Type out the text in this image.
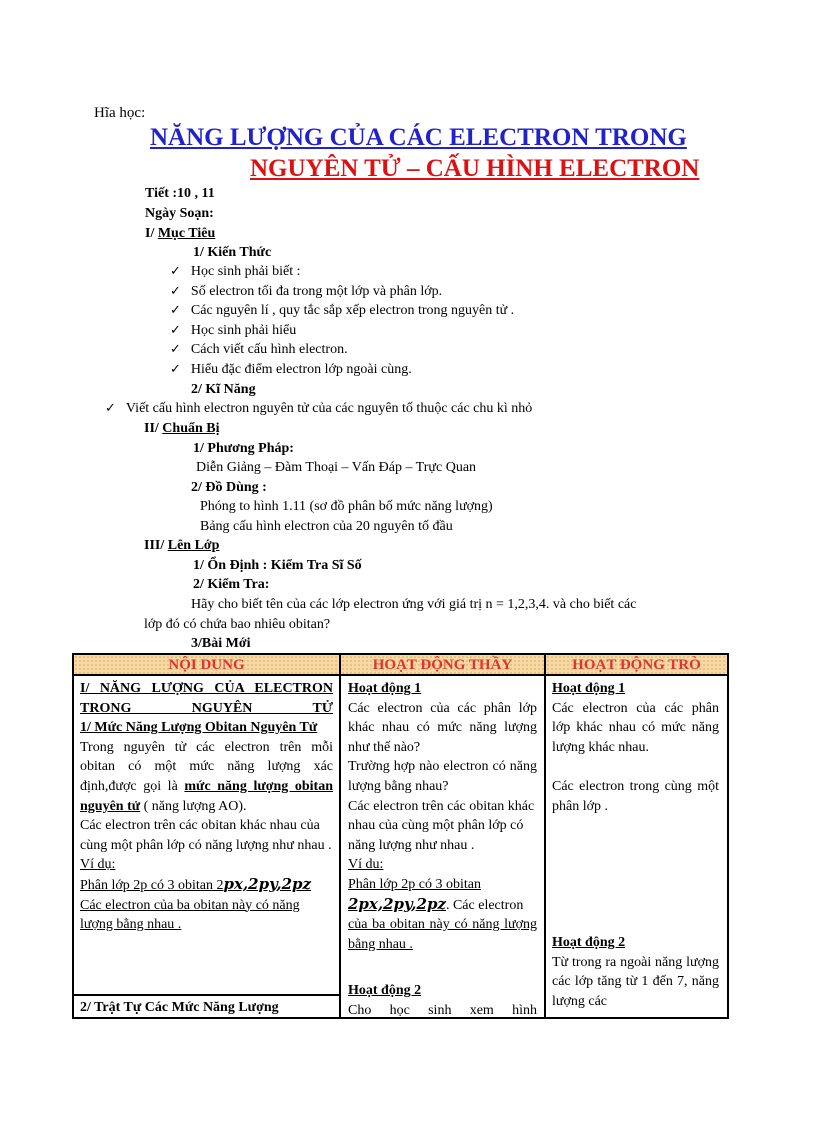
Hĩa học:
NĂNG LƯỢNG CỦA CÁC ELECTRON TRONG
NGUYÊN TỬ – CẤU HÌNH ELECTRON
Tiết :10 , 11
Ngày Soạn:
I/ Mục Tiêu
1/ Kiến Thức
✓ Học sinh phải biết :
✓ Số electron tối đa trong một lớp và phân lớp.
✓ Các nguyên lí , quy tắc sắp xếp electron trong nguyên tử .
✓ Học sinh phải hiểu
✓ Cách viết cấu hình electron.
✓ Hiểu đặc điểm electron lớp ngoài cùng.
2/ Kĩ Năng
✓ Viết cấu hình electron nguyên tử của các nguyên tố thuộc các chu kì nhỏ
II/ Chuẩn Bị
1/ Phương Pháp:
Diễn Giảng – Đàm Thoại – Vấn Đáp – Trực Quan
2/ Đồ Dùng :
Phóng to hình 1.11 (sơ đồ phân bố mức năng lượng)
Bảng cấu hình electron của 20 nguyên tố đầu
III/ Lên Lớp
1/ Ổn Định : Kiểm Tra Sĩ Số
2/ Kiểm Tra:
Hãy cho biết tên của các lớp electron ứng với giá trị n = 1,2,3,4. và cho biết các
lớp đó có chứa bao nhiêu obitan?
3/Bài Mới
NỘI DUNG

I/ NĂNG LƯỢNG CỦA ELECTRON TRONG NGUYÊN TỬ

1/ Mức Năng Lượng Obitan Nguyên Tử

Trong nguyên tử các electron trên mỗi obitan có một mức năng lượng xác định,được gọi là mức năng lượng obitan nguyên tử ( năng lượng AO).

Các electron trên các obitan khác nhau của cùng một phân lớp có năng lượng như nhau .

Ví dụ:

Phân lớp 2p có 3 obitan 2px,2py,2pz

Các electron của ba obitan này có năng lượng bằng nhau .

2/ Trật Tự Các Mức Năng Lượng
HOẠT ĐỘNG THẦY

Hoạt động 1

Các electron của các phân lớp khác nhau có mức năng lượng như thế nào?

Trường hợp nào electron có năng lượng bằng nhau?

Các electron trên các obitan khác nhau của cùng một phân lớp có năng lượng như nhau .

Ví du:

Phân lớp 2p có 3 obitan

2px,2py,2pz. Các electron

của ba obitan này có năng lượng bằng nhau .

Hoạt động 2

Cho học sinh xem hình

HOẠT ĐỘNG TRÒ

Hoạt động 1

Các electron của các phân lớp khác nhau có mức năng lượng khác nhau.

Các electron trong cùng một phân lớp .

Hoạt động 2

Từ trong ra ngoài năng lượng các lớp tăng từ 1 đến 7, năng lượng các
